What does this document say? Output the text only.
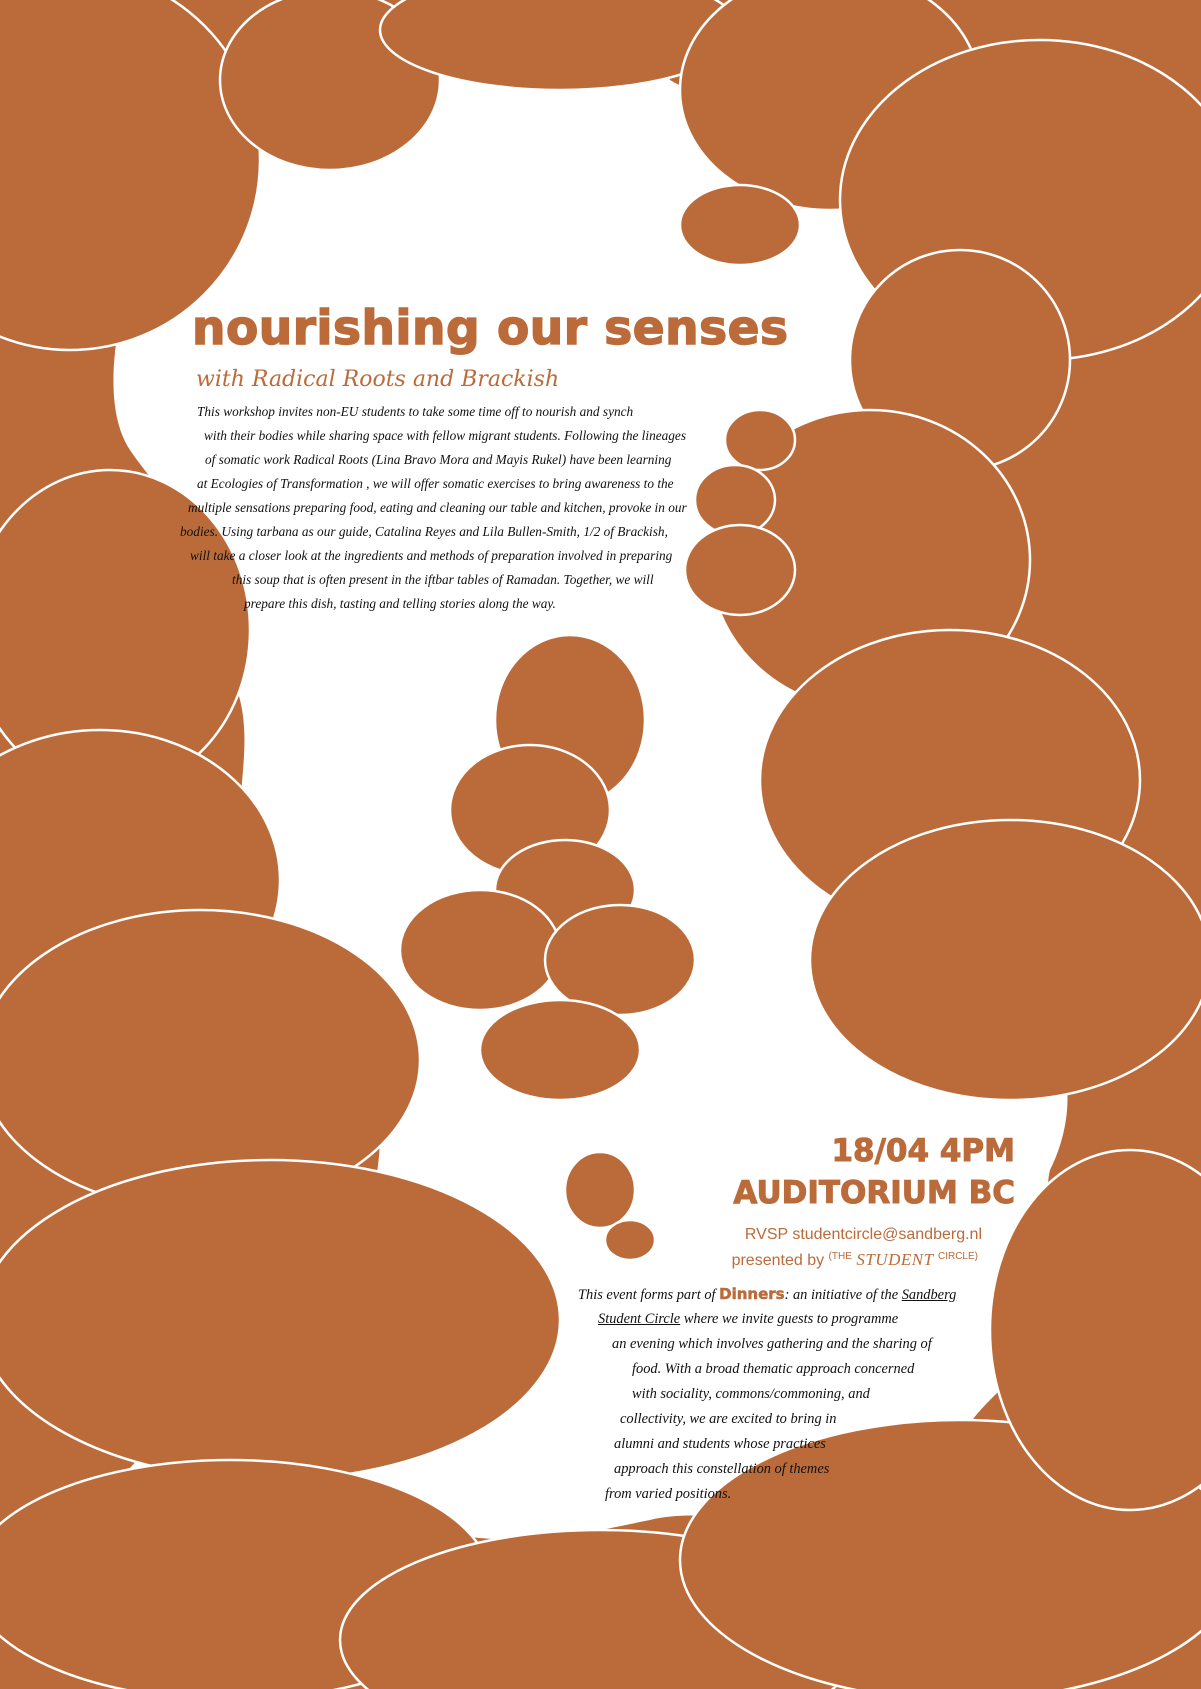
nourishing our senses
with Radical Roots and Brackish
This workshop invites non-EU students to take some time off to nourish and synch
with their bodies while sharing space with fellow migrant students. Following the lineages
of somatic work Radical Roots (Lina Bravo Mora and Mayis Rukel) have been learning
at Ecologies of Transformation , we will offer somatic exercises to bring awareness to the
multiple sensations preparing food, eating and cleaning our table and kitchen, provoke in our
bodies. Using tarbana as our guide, Catalina Reyes and Lila Bullen-Smith, 1/2 of Brackish,
will take a closer look at the ingredients and methods of preparation involved in preparing
this soup that is often present in the iftbar tables of Ramadan. Together, we will
prepare this dish, tasting and telling stories along the way.
18/04 4PM
AUDITORIUM BC
RVSP studentcircle@sandberg.nl
presented by $^{(THE}$ STUDENT $^{CIRCLE)}$
This event forms part of Dinners: an initiative of the Sandberg
Student Circle where we invite guests to programme
an evening which involves gathering and the sharing of
food. With a broad thematic approach concerned
with sociality, commons/commoning, and
collectivity, we are excited to bring in
alumni and students whose practices
approach this constellation of themes
from varied positions.
